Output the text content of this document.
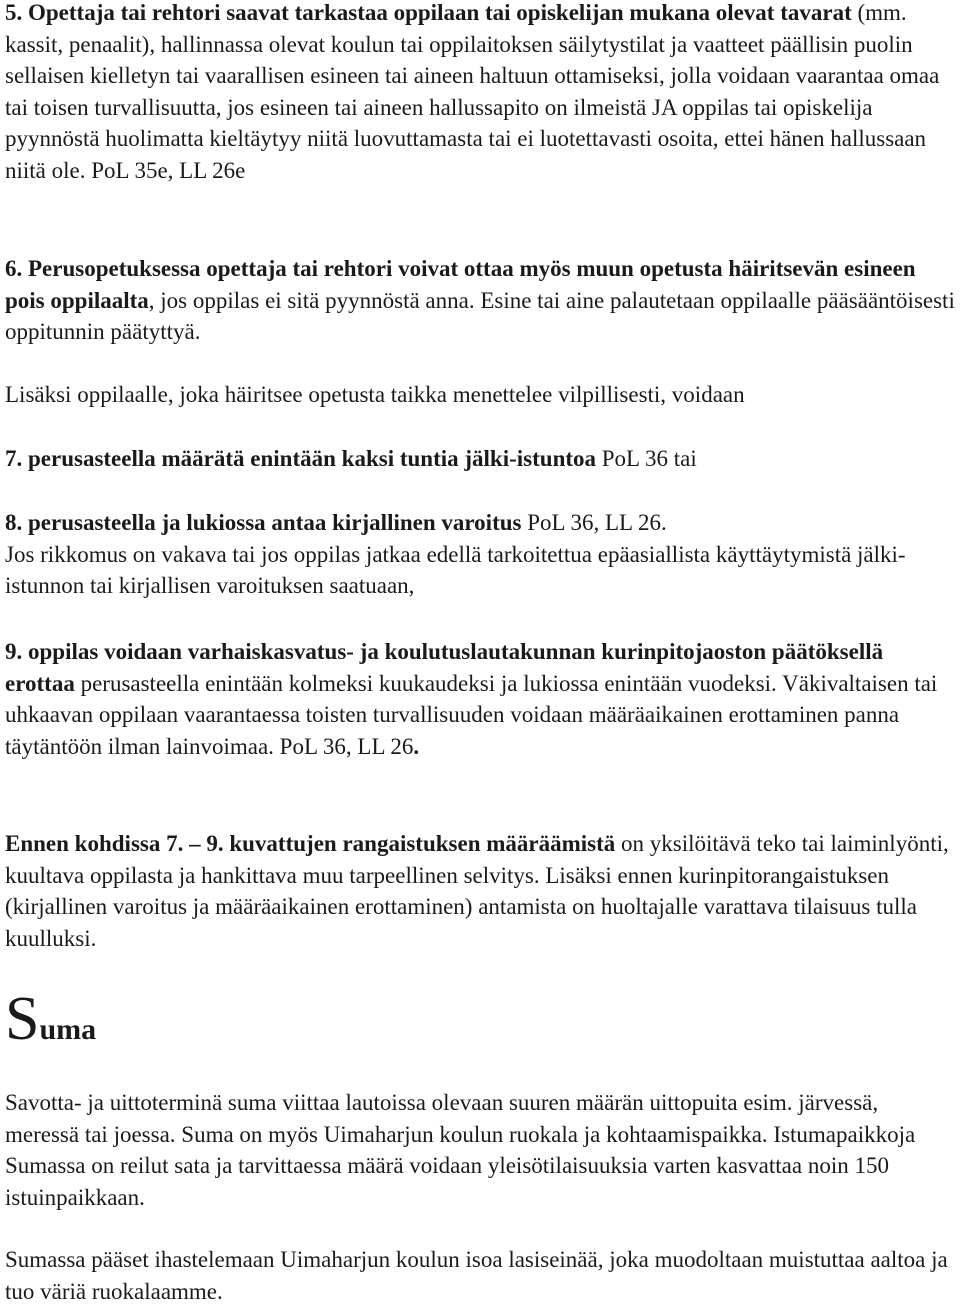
5. Opettaja tai rehtori saavat tarkastaa oppilaan tai opiskelijan mukana olevat tavarat (mm. kassit, penaalit), hallinnassa olevat koulun tai oppilaitoksen säilytystilat ja vaatteet päällisin puolin sellaisen kielletyn tai vaarallisen esineen tai aineen haltuun ottamiseksi, jolla voidaan vaarantaa omaa tai toisen turvallisuutta, jos esineen tai aineen hallussapito on ilmeistä JA oppilas tai opiskelija pyynnöstä huolimatta kieltäytyy niitä luovuttamasta tai ei luotettavasti osoita, ettei hänen hallussaan niitä ole. PoL 35e, LL 26e

6. Perusopetuksessa opettaja tai rehtori voivat ottaa myös muun opetusta häiritsevän esineen pois oppilaalta, jos oppilas ei sitä pyynnöstä anna. Esine tai aine palautetaan oppilaalle pääsääntöisesti oppitunnin päätyttyä.

Lisäksi oppilaalle, joka häiritsee opetusta taikka menettelee vilpillisesti, voidaan

7. perusasteella määrätä enintään kaksi tuntia jälki-istuntoa PoL 36 tai

8. perusasteella ja lukiossa antaa kirjallinen varoitus PoL 36, LL 26.
Jos rikkomus on vakava tai jos oppilas jatkaa edellä tarkoitettua epäasiallista käyttäytymistä jälki-istunnon tai kirjallisen varoituksen saatuaan,

9. oppilas voidaan varhaiskasvatus- ja koulutuslautakunnan kurinpitojaoston päätöksellä erottaa perusasteella enintään kolmeksi kuukaudeksi ja lukiossa enintään vuodeksi. Väkivaltaisen tai uhkaavan oppilaan vaarantaessa toisten turvallisuuden voidaan määräaikainen erottaminen panna täytäntöön ilman lainvoimaa. PoL 36, LL 26.

Ennen kohdissa 7. – 9. kuvattujen rangaistuksen määräämistä on yksilöitävä teko tai laiminlyönti, kuultava oppilasta ja hankittava muu tarpeellinen selvitys. Lisäksi ennen kurinpitorangaistuksen (kirjallinen varoitus ja määräaikainen erottaminen) antamista on huoltajalle varattava tilaisuus tulla kuulluksi.

Suma

Savotta- ja uittoterminä suma viittaa lautoissa olevaan suuren määrän uittopuita esim. järvessä, meressä tai joessa. Suma on myös Uimaharjun koulun ruokala ja kohtaamispaikka. Istumapaikkoja Sumassa on reilut sata ja tarvittaessa määrä voidaan yleisötilaisuuksia varten kasvattaa noin 150 istuinpaikkaan.

Sumassa pääset ihastelemaan Uimaharjun koulun isoa lasiseinää, joka muodoltaan muistuttaa aaltoa ja tuo väriä ruokalaamme.
